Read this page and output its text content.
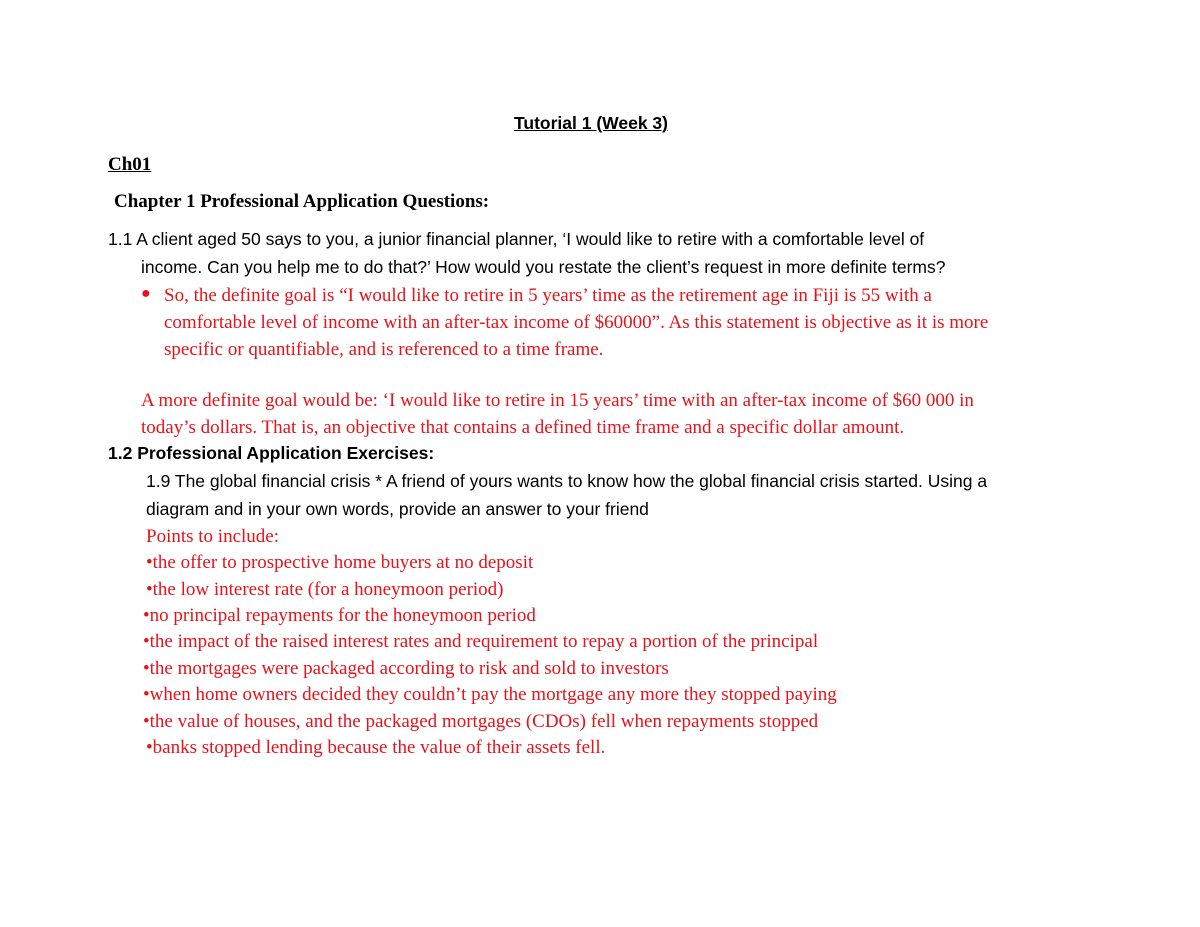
Tutorial 1 (Week 3)
Ch01
Chapter 1 Professional Application Questions:
1.1 A client aged 50 says to you, a junior financial planner, ‘I would like to retire with a comfortable level of
income. Can you help me to do that?’ How would you restate the client’s request in more definite terms?
● So, the definite goal is “I would like to retire in 5 years’ time as the retirement age in Fiji is 55 with a
comfortable level of income with an after-tax income of $60000”. As this statement is objective as it is more
specific or quantifiable, and is referenced to a time frame.
A more definite goal would be: ‘I would like to retire in 15 years’ time with an after-tax income of $60 000 in
today’s dollars. That is, an objective that contains a defined time frame and a specific dollar amount.
1.2 Professional Application Exercises:
1.9 The global financial crisis * A friend of yours wants to know how the global financial crisis started. Using a
diagram and in your own words, provide an answer to your friend
Points to include:
•the offer to prospective home buyers at no deposit
•the low interest rate (for a honeymoon period)
•no principal repayments for the honeymoon period
•the impact of the raised interest rates and requirement to repay a portion of the principal
•the mortgages were packaged according to risk and sold to investors
•when home owners decided they couldn’t pay the mortgage any more they stopped paying
•the value of houses, and the packaged mortgages (CDOs) fell when repayments stopped
•banks stopped lending because the value of their assets fell.
